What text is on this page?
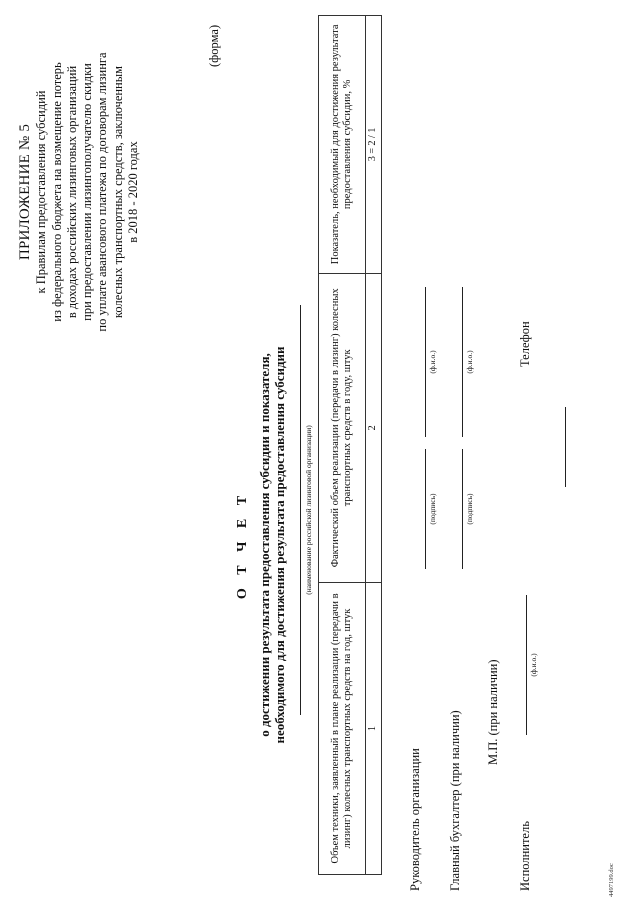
ПРИЛОЖЕНИЕ № 5 к Правилам предоставления субсидий из федерального бюджета на возмещение потерь в доходах российских лизинговых организаций при предоставлении лизингополучателю скидки по уплате авансового платежа по договорам лизинга колесных транспортных средств, заключенным в 2018 - 2020 годах
(форма)
О Т Ч Е Т о достижении результата предоставления субсидии и показателя, необходимого для достижения результата предоставления субсидии (наименование российской лизинговой организации)
Объем техники, заявленный в плане реализации (передачи в лизинг) колесных транспортных средств на год, штук	Фактический объем реализации (передачи в лизинг) колесных транспортных средств в году, штук	Показатель, необходимый для достижения результата предоставления субсидии, %
1	2	3 = 2 / 1
Руководитель организации
(подпись)
(ф.и.о.)
Главный бухгалтер (при наличии)
(подпись)
(ф.и.о.)
М.П. (при наличии)
Исполнитель
(ф.и.о.)
Телефон
4497199.doc
